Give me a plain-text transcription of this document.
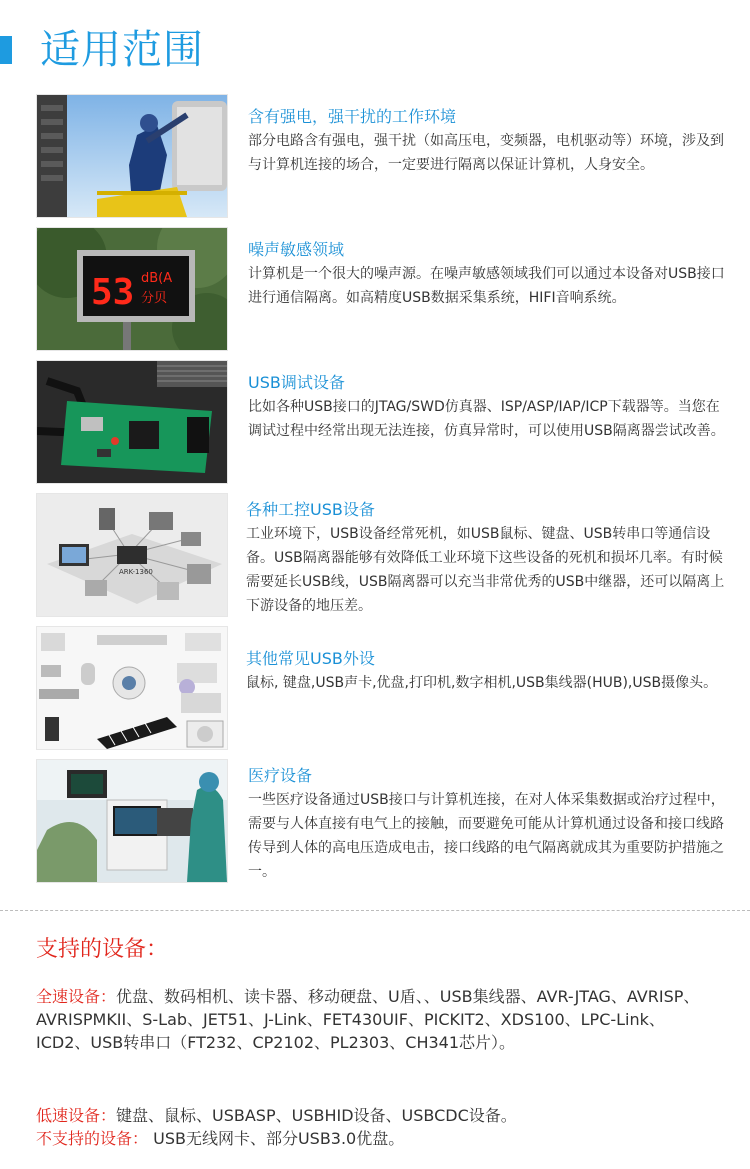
适用范围
含有强电，强干扰的工作环境
部分电路含有强电，强干扰（如高压电，变频器，电机驱动等）环境，涉及到与计算机连接的场合，一定要进行隔离以保证计算机，人身安全。
53 dB(A
分贝
噪声敏感领域
计算机是一个很大的噪声源。在噪声敏感领域我们可以通过本设备对USB接口进行通信隔离。如高精度USB数据采集系统，HIFI音响系统。
USB调试设备
比如各种USB接口的JTAG/SWD仿真器、ISP/ASP/IAP/ICP下载器等。当您在调试过程中经常出现无法连接，仿真异常时，可以使用USB隔离器尝试改善。
ARK-1360
各种工控USB设备
工业环境下，USB设备经常死机，如USB鼠标、键盘、USB转串口等通信设备。USB隔离器能够有效降低工业环境下这些设备的死机和损坏几率。有时候需要延长USB线，USB隔离器可以充当非常优秀的USB中继器，还可以隔离上下游设备的地压差。
其他常见USB外设
鼠标, 键盘,USB声卡,优盘,打印机,数字相机,USB集线器(HUB),USB摄像头。
医疗设备
一些医疗设备通过USB接口与计算机连接，在对人体采集数据或治疗过程中，需要与人体直接有电气上的接触，而要避免可能从计算机通过设备和接口线路传导到人体的高电压造成电击，接口线路的电气隔离就成其为重要防护措施之一。
支持的设备：
全速设备：优盘、数码相机、读卡器、移动硬盘、U盾、、USB集线器、AVR-JTAG、AVRISP、AVRISPMKII、S-Lab、JET51、J-Link、FET430UIF、PICKIT2、XDS100、LPC-Link、ICD2、USB转串口（FT232、CP2102、PL2303、CH341芯片）。
低速设备：键盘、鼠标、USBASP、USBHID设备、USBCDC设备。
不支持的设备： USB无线网卡、部分USB3.0优盘。
